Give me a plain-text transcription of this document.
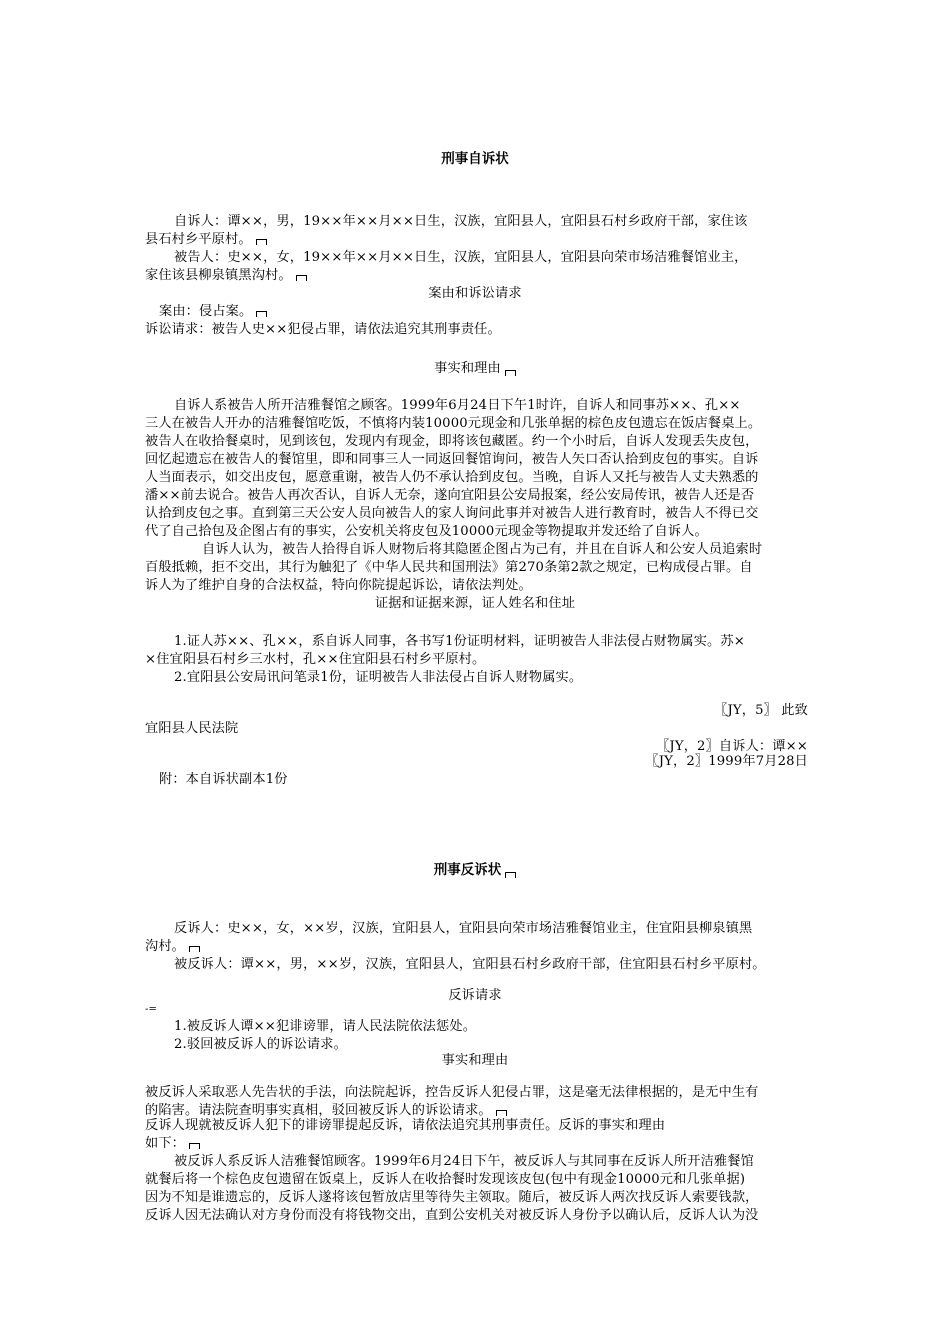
刑事自诉状
自诉人：谭××，男，19××年××月××日生，汉族，宜阳县人，宜阳县石村乡政府干部，家住该
县石村乡平原村。
被告人：史××，女，19××年××月××日生，汉族，宜阳县人，宜阳县向荣市场洁雅餐馆业主，
家住该县柳泉镇黑沟村。
案由和诉讼请求
案由：侵占案。
诉讼请求：被告人史××犯侵占罪，请依法追究其刑事责任。
事实和理由
自诉人系被告人所开洁雅餐馆之顾客。1999年6月24日下午1时许，自诉人和同事苏××、孔××
三人在被告人开办的洁雅餐馆吃饭，不慎将内装10000元现金和几张单据的棕色皮包遗忘在饭店餐桌上。
被告人在收拾餐桌时，见到该包，发现内有现金，即将该包藏匿。约一个小时后，自诉人发现丢失皮包，
回忆起遗忘在被告人的餐馆里，即和同事三人一同返回餐馆询问，被告人矢口否认拾到皮包的事实。自诉
人当面表示，如交出皮包，愿意重谢，被告人仍不承认拾到皮包。当晚，自诉人又托与被告人丈夫熟悉的
潘××前去说合。被告人再次否认，自诉人无奈，遂向宜阳县公安局报案，经公安局传讯，被告人还是否
认拾到皮包之事。直到第三天公安人员向被告人的家人询问此事并对被告人进行教育时，被告人不得已交
代了自己拾包及企图占有的事实，公安机关将皮包及10000元现金等物提取并发还给了自诉人。
自诉人认为，被告人拾得自诉人财物后将其隐匿企图占为己有，并且在自诉人和公安人员追索时
百般抵赖，拒不交出，其行为触犯了《中华人民共和国刑法》第270条第2款之规定，已构成侵占罪。自
诉人为了维护自身的合法权益，特向你院提起诉讼，请依法判处。
证据和证据来源，证人姓名和住址
1.证人苏××、孔××，系自诉人同事，各书写1份证明材料，证明被告人非法侵占财物属实。苏×
×住宜阳县石村乡三水村，孔××住宜阳县石村乡平原村。
2.宜阳县公安局讯问笔录1份，证明被告人非法侵占自诉人财物属实。
〖JY，5〗 此致
宜阳县人民法院
〖JY，2〗自诉人：谭××
〖JY，2〗1999年7月28日
附：本自诉状副本1份
刑事反诉状
反诉人：史××，女，××岁，汉族，宜阳县人，宜阳县向荣市场洁雅餐馆业主，住宜阳县柳泉镇黑
沟村。
被反诉人：谭××，男，××岁，汉族，宜阳县人，宜阳县石村乡政府干部，住宜阳县石村乡平原村。
反诉请求
-=
1.被反诉人谭××犯诽谤罪，请人民法院依法惩处。
2.驳回被反诉人的诉讼请求。
事实和理由
被反诉人采取恶人先告状的手法，向法院起诉，控告反诉人犯侵占罪，这是毫无法律根据的，是无中生有
的陷害。请法院查明事实真相，驳回被反诉人的诉讼请求。
反诉人现就被反诉人犯下的诽谤罪提起反诉，请依法追究其刑事责任。反诉的事实和理由
如下：
被反诉人系反诉人洁雅餐馆顾客。1999年6月24日下午，被反诉人与其同事在反诉人所开洁雅餐馆
就餐后将一个棕色皮包遗留在饭桌上，反诉人在收拾餐时发现该皮包(包中有现金10000元和几张单据)
因为不知是谁遗忘的，反诉人遂将该包暂放店里等待失主领取。随后，被反诉人两次找反诉人索要钱款，
反诉人因无法确认对方身份而没有将钱物交出，直到公安机关对被反诉人身份予以确认后，反诉人认为没
